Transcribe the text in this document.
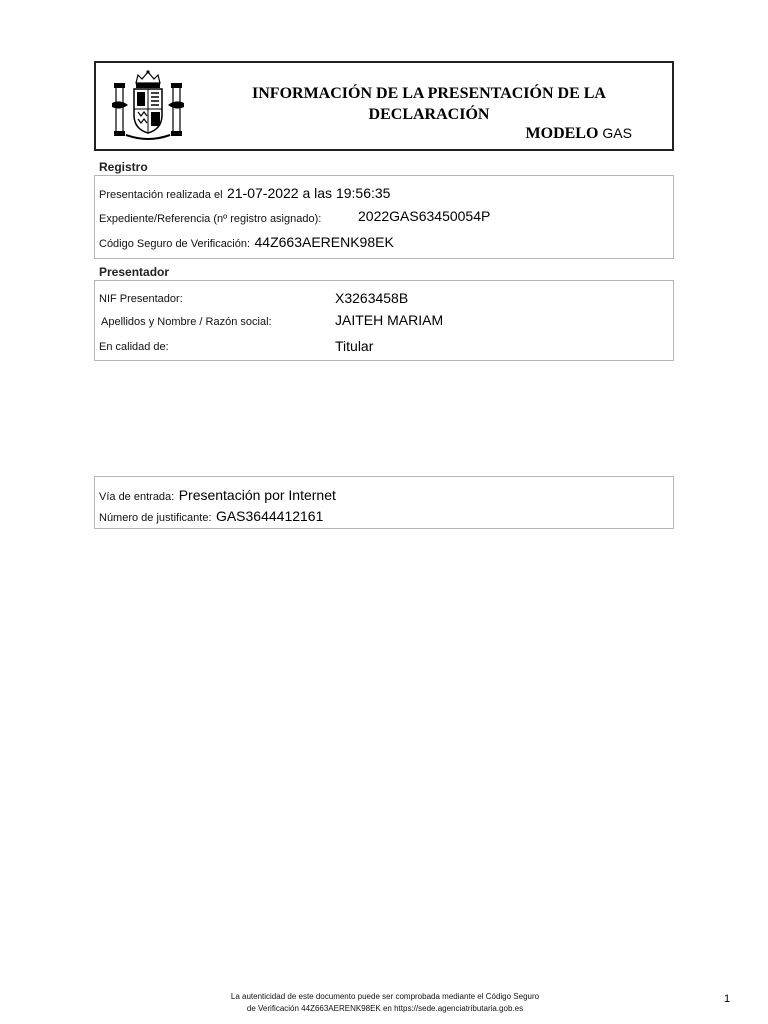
INFORMACIÓN DE LA PRESENTACIÓN DE LA DECLARACIÓN
MODELO GAS
Registro
Presentación realizada el 21-07-2022 a las 19:56:35
Expediente/Referencia (nº registro asignado):	2022GAS63450054P
Código Seguro de Verificación: 44Z663AERENK98EK
Presentador
NIF Presentador:	X3263458B
Apellidos y Nombre / Razón social:	JAITEH MARIAM
En calidad de:	Titular
Vía de entrada: Presentación por Internet
Número de justificante: GAS3644412161
La autenticidad de este documento puede ser comprobada mediante el Código Seguro
de Verificación 44Z663AERENK98EK en https://sede.agenciatributaria.gob.es
1
